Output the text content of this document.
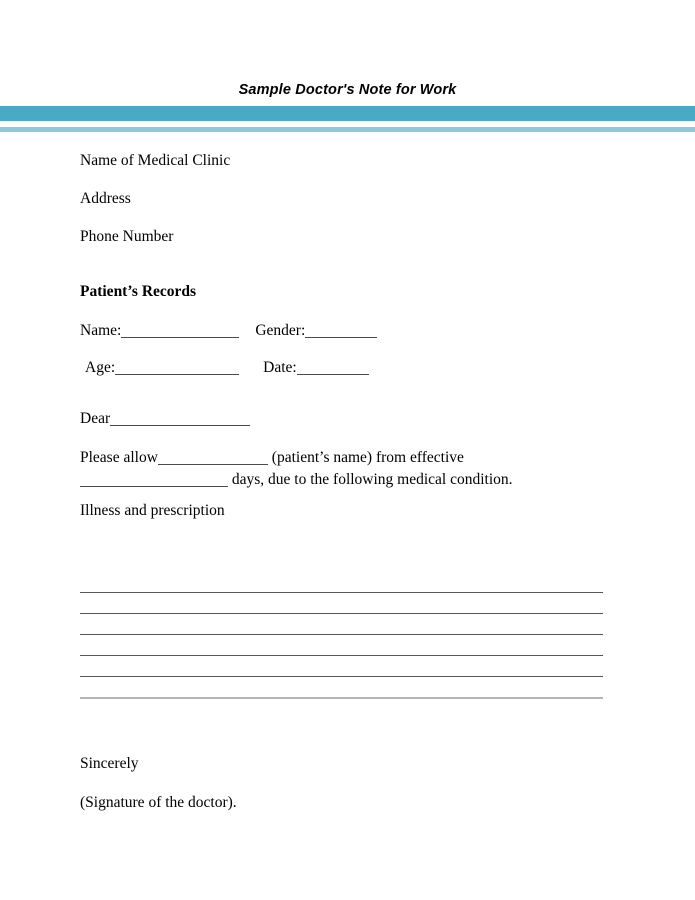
Sample Doctor's Note for Work

Name of Medical Clinic

Address

Phone Number

Patient’s Records

Name:	Gender:

Age:	Date:

Dear

Please allow	(patient’s name) from effective
days, due to the following medical condition.

Illness and prescription

Sincerely

(Signature of the doctor).
